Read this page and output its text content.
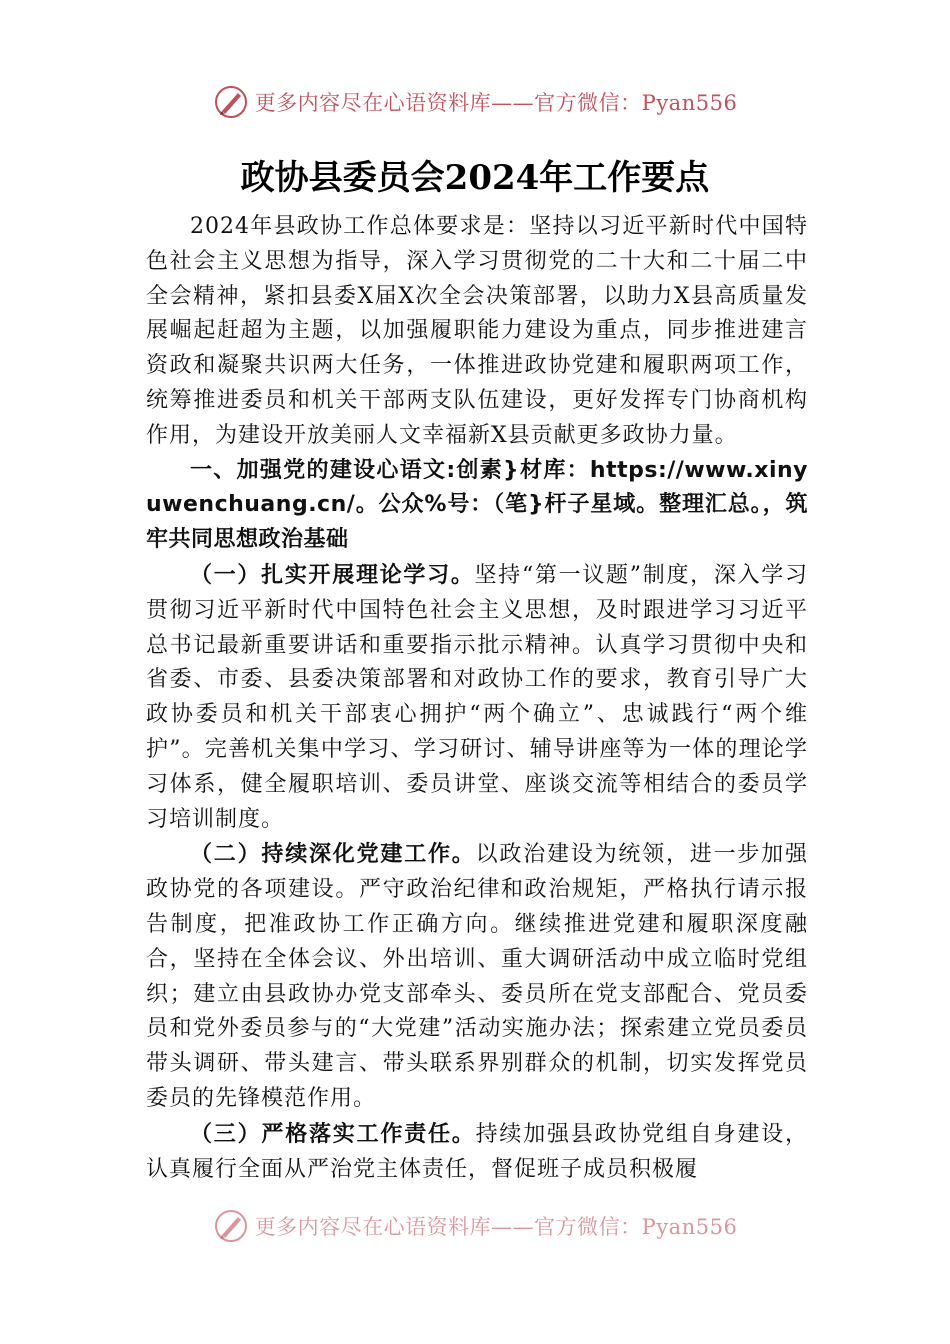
更多内容尽在心语资料库——官方微信：Pyan556
政协县委员会2024年工作要点

2024年县政协工作总体要求是：坚持以习近平新时代中国特色社会主义思想为指导，深入学习贯彻党的二十大和二十届二中全会精神，紧扣县委X届X次全会决策部署，以助力X县高质量发展崛起赶超为主题，以加强履职能力建设为重点，同步推进建言资政和凝聚共识两大任务，一体推进政协党建和履职两项工作，统筹推进委员和机关干部两支队伍建设，更好发挥专门协商机构作用，为建设开放美丽人文幸福新X县贡献更多政协力量。

一、加强党的建设心语文:创素}材库：https://www.xinyuwenchuang.cn/。公众%号：（笔}杆子星域。整理汇总。，筑牢共同思想政治基础

（一）扎实开展理论学习。坚持“第一议题”制度，深入学习贯彻习近平新时代中国特色社会主义思想，及时跟进学习习近平总书记最新重要讲话和重要指示批示精神。认真学习贯彻中央和省委、市委、县委决策部署和对政协工作的要求，教育引导广大政协委员和机关干部衷心拥护“两个确立”、忠诚践行“两个维护”。完善机关集中学习、学习研讨、辅导讲座等为一体的理论学习体系，健全履职培训、委员讲堂、座谈交流等相结合的委员学习培训制度。

（二）持续深化党建工作。以政治建设为统领，进一步加强政协党的各项建设。严守政治纪律和政治规矩，严格执行请示报告制度，把准政协工作正确方向。继续推进党建和履职深度融合，坚持在全体会议、外出培训、重大调研活动中成立临时党组织；建立由县政协办党支部牵头、委员所在党支部配合、党员委员和党外委员参与的“大党建”活动实施办法；探索建立党员委员带头调研、带头建言、带头联系界别群众的机制，切实发挥党员委员的先锋模范作用。

（三）严格落实工作责任。持续加强县政协党组自身建设，认真履行全面从严治党主体责任，督促班子成员积极履

更多内容尽在心语资料库——官方微信：Pyan556
